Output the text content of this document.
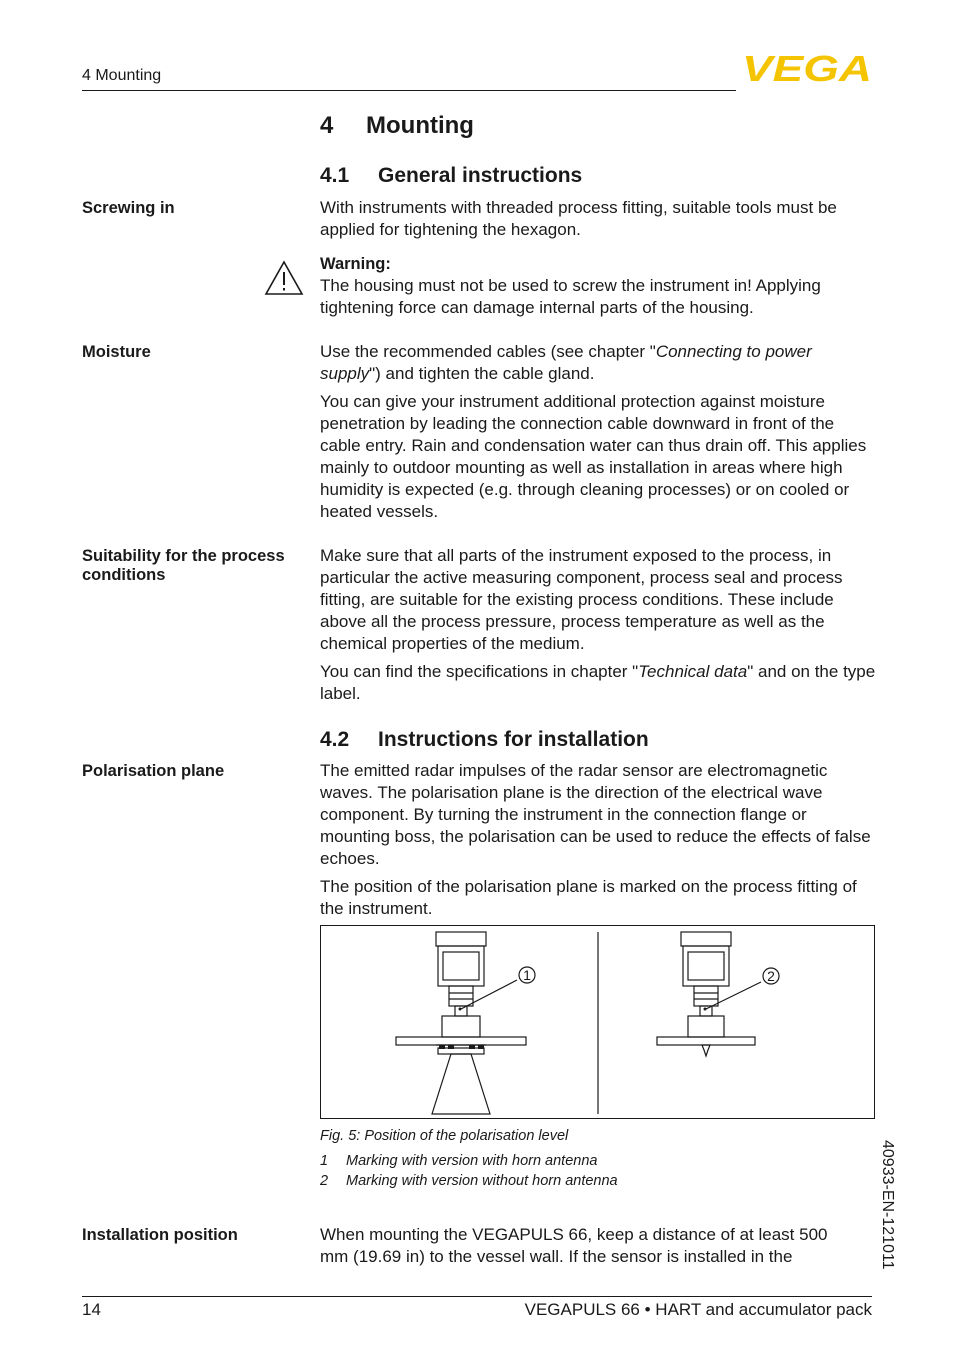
4 Mounting	VEGA
4 Mounting
4.1 General instructions
Screwing in	With instruments with threaded process fitting, suitable tools must be applied for tightening the hexagon.
Warning:
The housing must not be used to screw the instrument in! Applying tightening force can damage internal parts of the housing.
Moisture	Use the recommended cables (see chapter "Connecting to power supply") and tighten the cable gland.

You can give your instrument additional protection against moisture penetration by leading the connection cable downward in front of the cable entry. Rain and condensation water can thus drain off. This applies mainly to outdoor mounting as well as installation in areas where high humidity is expected (e.g. through cleaning processes) or on cooled or heated vessels.

Suitability for the process conditions

Make sure that all parts of the instrument exposed to the process, in particular the active measuring component, process seal and process fitting, are suitable for the existing process conditions. These include above all the process pressure, process temperature as well as the chemical properties of the medium.

You can find the specifications in chapter "Technical data" and on the type label.

4.2 Instructions for installation
Polarisation plane	The emitted radar impulses of the radar sensor are electromagnetic waves. The polarisation plane is the direction of the electrical wave component. By turning the instrument in the connection flange or mounting boss, the polarisation can be used to reduce the effects of false echoes.

The position of the polarisation plane is marked on the process fitting of the instrument.

1	2
Fig. 5: Position of the polarisation level
1 Marking with version with horn antenna
2 Marking with version without horn antenna
Installation position	When mounting the VEGAPULS 66, keep a distance of at least 500 mm (19.69 in) to the vessel wall. If the sensor is installed in the	40933-EN-121011
14	VEGAPULS 66 • HART and accumulator pack
